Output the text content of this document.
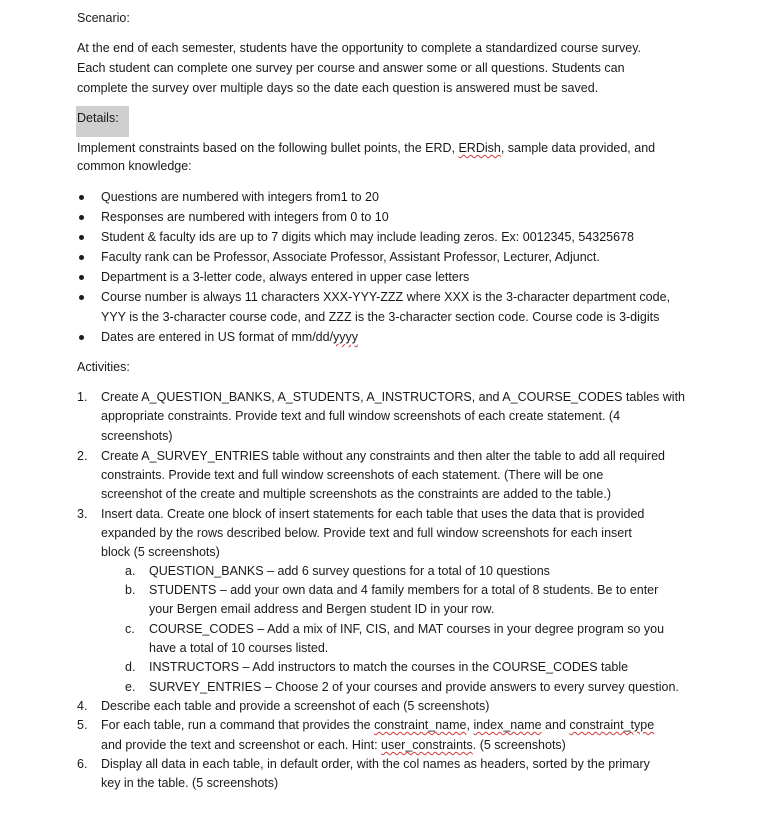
Scenario:
At the end of each semester, students have the opportunity to complete a standardized course survey.
Each student can complete one survey per course and answer some or all questions. Students can
complete the survey over multiple days so the date each question is answered must be saved.
Details:
Implement constraints based on the following bullet points, the ERD, ERDish, sample data provided, and
common knowledge:
Questions are numbered with integers from1 to 20
Responses are numbered with integers from 0 to 10
Student & faculty ids are up to 7 digits which may include leading zeros. Ex: 0012345, 54325678
Faculty rank can be Professor, Associate Professor, Assistant Professor, Lecturer, Adjunct.
Department is a 3-letter code, always entered in upper case letters
Course number is always 11 characters XXX-YYY-ZZZ where XXX is the 3-character department code,
YYY is the 3-character course code, and ZZZ is the 3-character section code. Course code is 3-digits
Dates are entered in US format of mm/dd/yyyy
Activities:
1. Create A_QUESTION_BANKS, A_STUDENTS, A_INSTRUCTORS, and A_COURSE_CODES tables with
appropriate constraints. Provide text and full window screenshots of each create statement. (4
screenshots)
2. Create A_SURVEY_ENTRIES table without any constraints and then alter the table to add all required
constraints. Provide text and full window screenshots of each statement. (There will be one
screenshot of the create and multiple screenshots as the constraints are added to the table.)
3. Insert data. Create one block of insert statements for each table that uses the data that is provided
expanded by the rows described below. Provide text and full window screenshots for each insert
block (5 screenshots)
a. QUESTION_BANKS – add 6 survey questions for a total of 10 questions
b. STUDENTS – add your own data and 4 family members for a total of 8 students. Be to enter
your Bergen email address and Bergen student ID in your row.
c. COURSE_CODES – Add a mix of INF, CIS, and MAT courses in your degree program so you
have a total of 10 courses listed.
d. INSTRUCTORS – Add instructors to match the courses in the COURSE_CODES table
e. SURVEY_ENTRIES – Choose 2 of your courses and provide answers to every survey question.
4. Describe each table and provide a screenshot of each (5 screenshots)
5. For each table, run a command that provides the constraint_name, index_name and constraint_type
and provide the text and screenshot or each. Hint: user_constraints. (5 screenshots)
6. Display all data in each table, in default order, with the col names as headers, sorted by the primary
key in the table. (5 screenshots)
